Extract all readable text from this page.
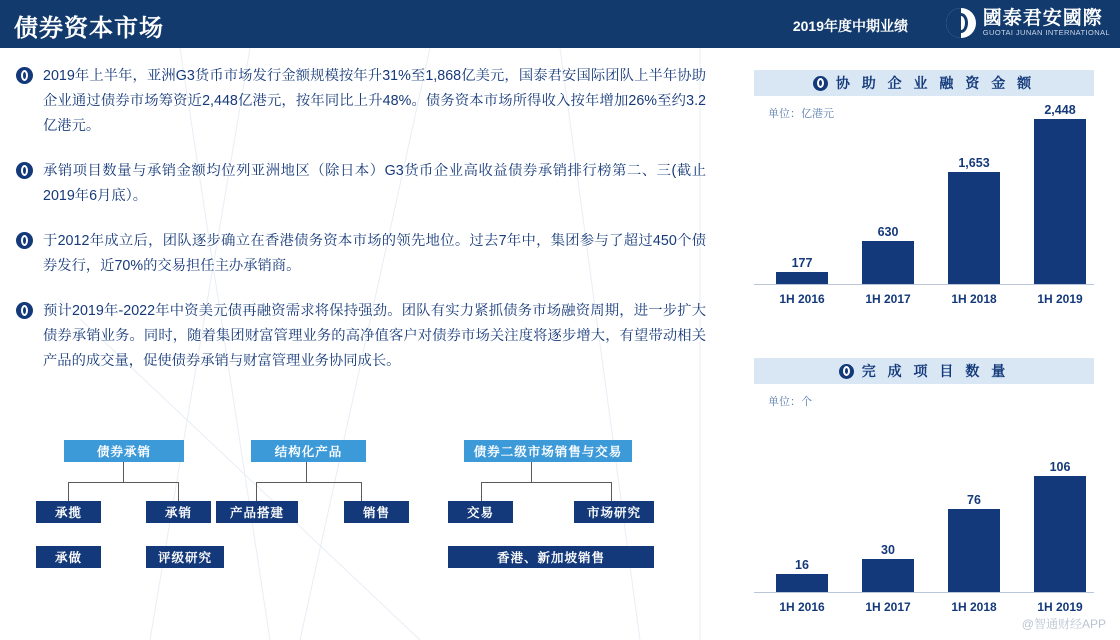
债券资本市场	2019年度中期业绩	國泰君安國際
GUOTAI JUNAN INTERNATIONAL
2019年上半年，亚洲G3货币市场发行金额规模按年升31%至1,868亿美元，国泰君安国际团队上半年协助企业通过债券市场筹资近2,448亿港元，按年同比上升48%。债务资本市场所得收入按年增加26%至约3.2亿港元。
承销项目数量与承销金额均位列亚洲地区（除日本）G3货币企业高收益债券承销排行榜第二、三(截止2019年6月底）。
于2012年成立后，团队逐步确立在香港债务资本市场的领先地位。过去7年中，集团参与了超过450个债券发行，近70%的交易担任主办承销商。
预计2019年-2022年中资美元债再融资需求将保持强劲。团队有实力紧抓债务市场融资周期，进一步扩大债券承销业务。同时，随着集团财富管理业务的高净值客户对债券市场关注度将逐步增大，有望带动相关产品的成交量，促使债券承销与财富管理业务协同成长。
债券承销	结构化产品	债券二级市场销售与交易
承揽	承销	产品搭建	销售	交易	市场研究
承做	评级研究	香港、新加坡销售
协 助 企 业 融 资 金 额
单位：亿港元
177
630
1,653
2,448
1H 2016	1H 2017	1H 2018	1H 2019
完 成 项 目 数 量
单位：个
16
30
76
106
1H 2016	1H 2017	1H 2018	1H 2019
@智通财经APP
